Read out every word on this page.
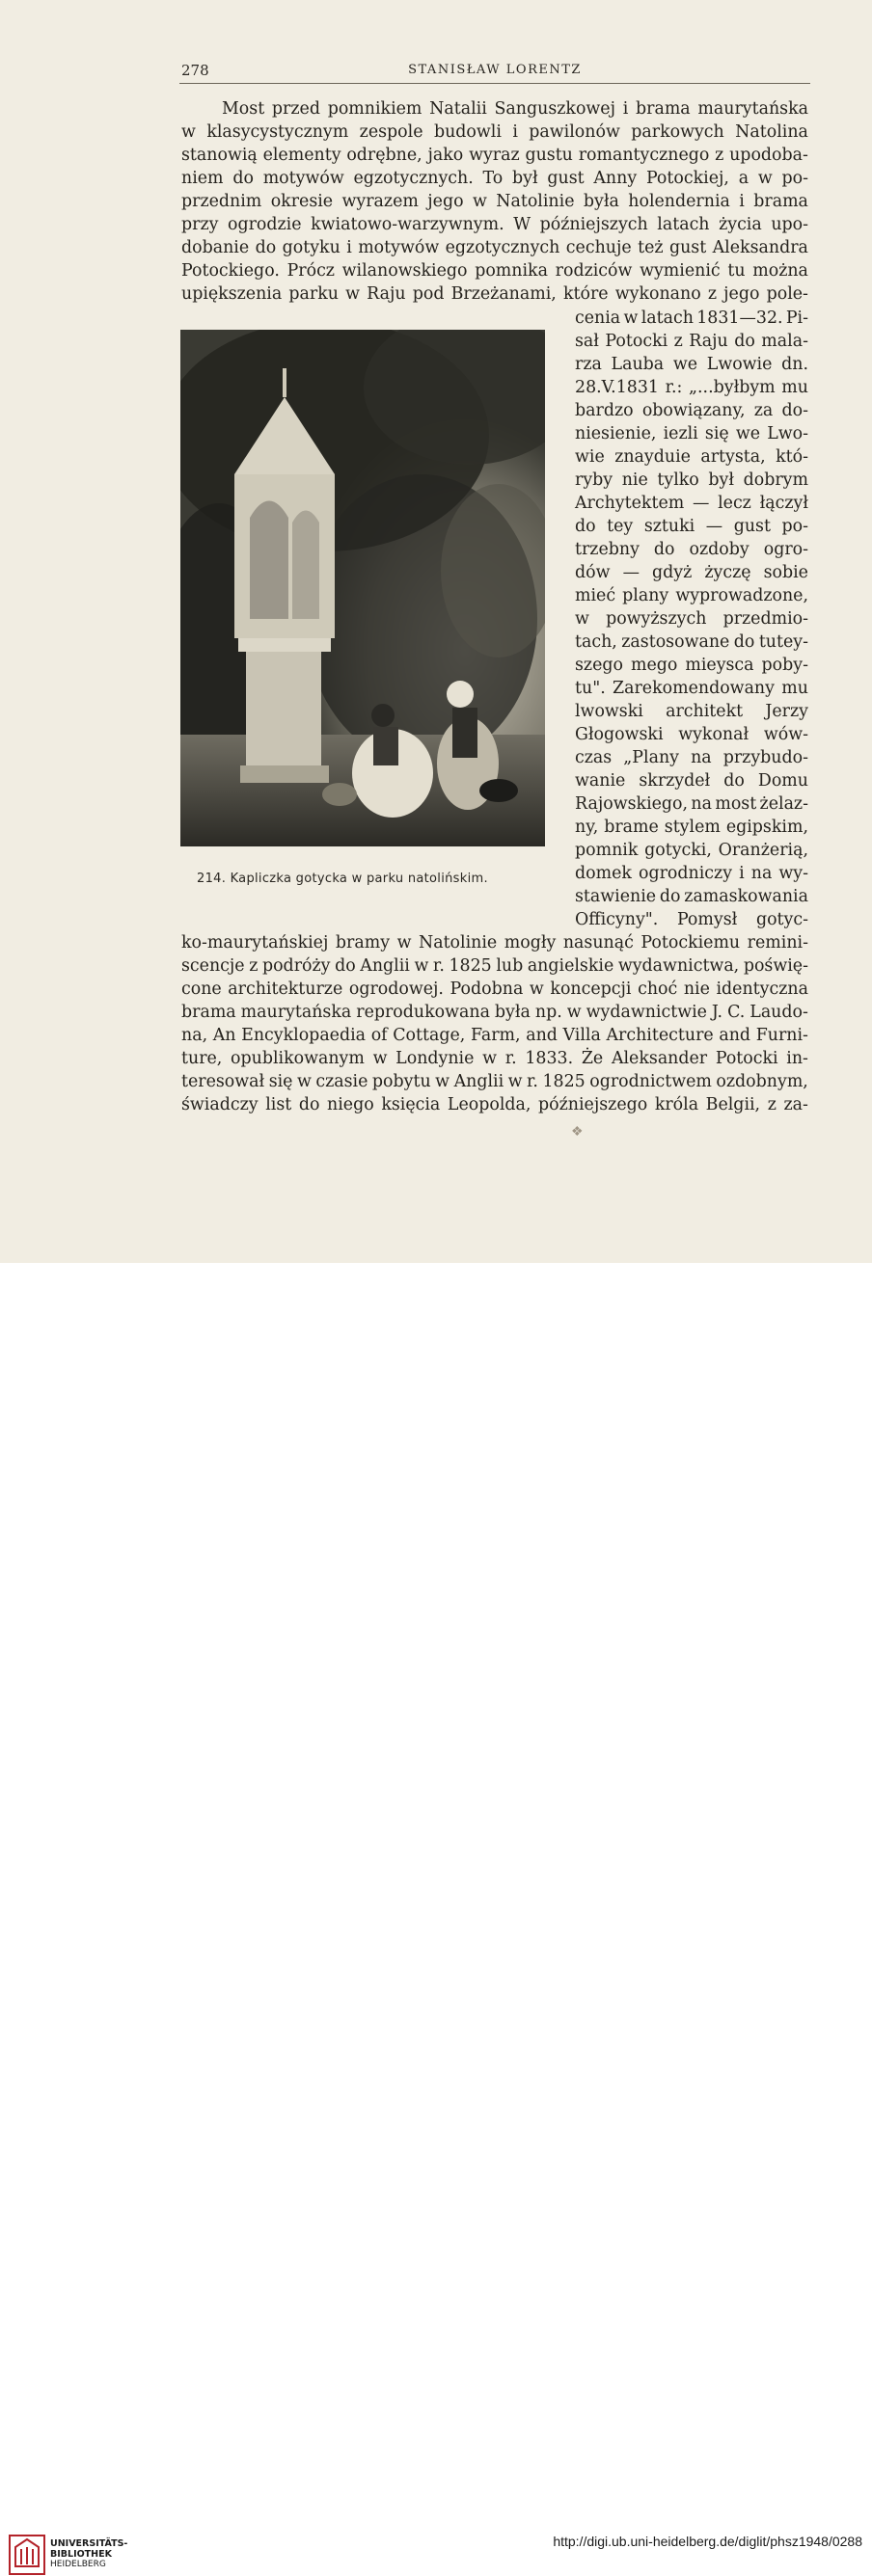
278	STANISŁAW LORENTZ
Most przed pomnikiem Natalii Sanguszkowej i brama maurytańska
w klasycystycznym zespole budowli i pawilonów parkowych Natolina
stanowią elementy odrębne, jako wyraz gustu romantycznego z upodoba-
niem do motywów egzotycznych. To był gust Anny Potockiej, a w po-
przednim okresie wyrazem jego w Natolinie była holendernia i brama
przy ogrodzie kwiatowo-warzywnym. W późniejszych latach życia upo-
dobanie do gotyku i motywów egzotycznych cechuje też gust Aleksandra
Potockiego. Prócz wilanowskiego pomnika rodziców wymienić tu można
upiększenia parku w Raju pod Brzeżanami, które wykonano z jego pole-
cenia w latach 1831—32. Pi-
sał Potocki z Raju do mala-
rza Lauba we Lwowie dn.
28.V.1831 r.: „...byłbym mu
bardzo obowiązany, za do-
niesienie, iezli się we Lwo-
wie znayduie artysta, któ-
ryby nie tylko był dobrym
Archytektem — lecz łączył
do tey sztuki — gust po-
trzebny do ozdoby ogro-
dów — gdyż życzę sobie
mieć plany wyprowadzone,
w powyższych przedmio-
tach, zastosowane do tutey-
szego mego mieysca poby-
tu". Zarekomendowany mu
lwowski architekt Jerzy
Głogowski wykonał wów-
czas „Plany na przybudo-
wanie skrzydeł do Domu
Rajowskiego, na most żelaz-
ny, brame stylem egipskim,
pomnik gotycki, Oranżerią,
domek ogrodniczy i na wy-
stawienie do zamaskowania
Officyny". Pomysł gotyc-
214. Kapliczka gotycka w parku natolińskim.
ko-maurytańskiej bramy w Natolinie mogły nasunąć Potockiemu remini-
scencje z podróży do Anglii w r. 1825 lub angielskie wydawnictwa, poświę-
cone architekturze ogrodowej. Podobna w koncepcji choć nie identyczna
brama maurytańska reprodukowana była np. w wydawnictwie J. C. Laudo-
na, An Encyklopaedia of Cottage, Farm, and Villa Architecture and Furni-
ture, opublikowanym w Londynie w r. 1833. Że Aleksander Potocki in-
teresował się w czasie pobytu w Anglii w r. 1825 ogrodnictwem ozdobnym,
świadczy list do niego księcia Leopolda, późniejszego króla Belgii, z za-
❖
UNIVERSITÄTS-
BIBLIOTHEK
HEIDELBERG
http://digi.ub.uni-heidelberg.de/diglit/phsz1948/0288
